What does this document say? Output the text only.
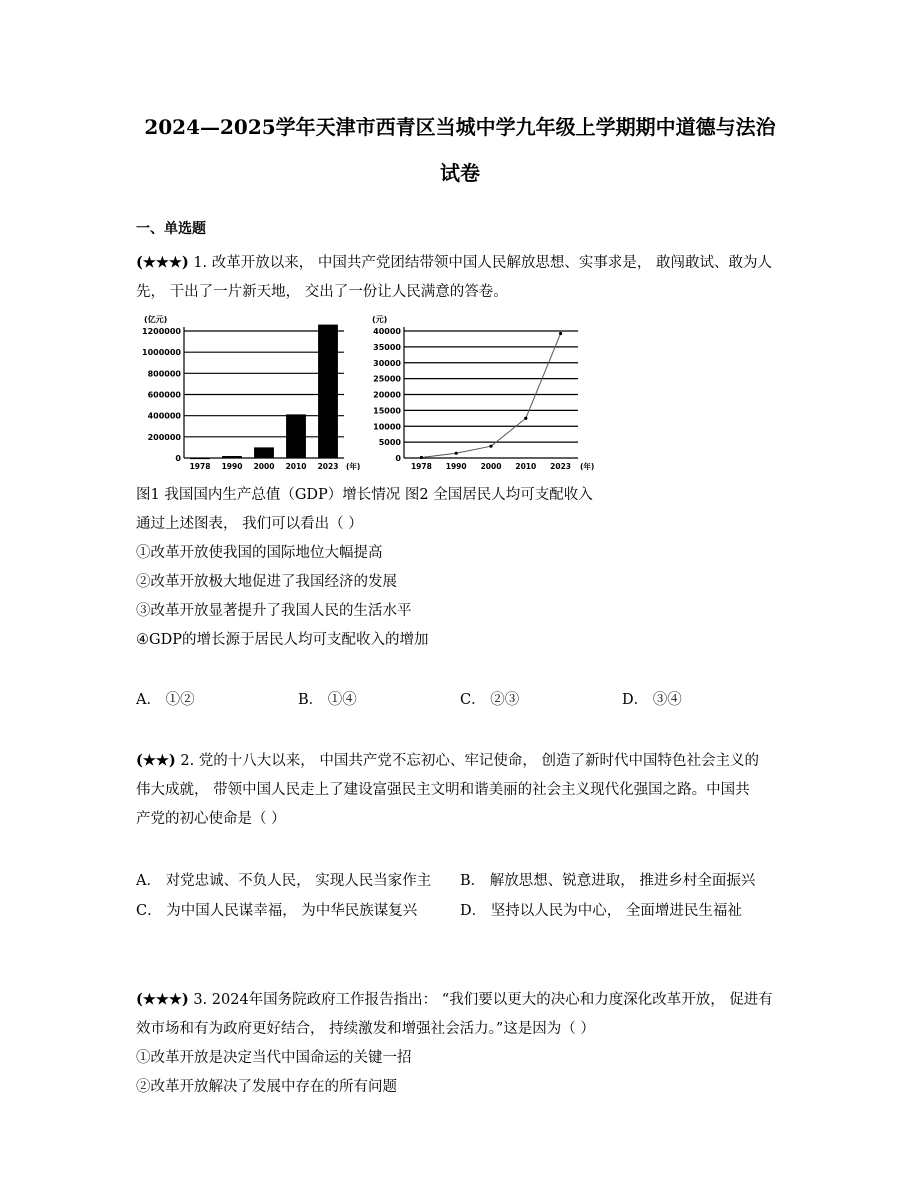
2024—2025学年天津市西青区当城中学九年级上学期期中道德与法治
试卷
一、单选题
(★★★) 1. 改革开放以来， 中国共产党团结带领中国人民解放思想、实事求是， 敢闯敢试、敢为人
先， 干出了一片新天地， 交出了一份让人民满意的答卷。
(亿元)
0
200000
400000
600000
800000
1000000
1200000
1978 1990 2000 2010 2023 (年)
(元)
0
5000
10000
15000
20000
25000
30000
35000
40000
1978 1990 2000 2010 2023 (年)
图1 我国国内生产总值（GDP）增长情况 图2 全国居民人均可支配收入
通过上述图表， 我们可以看出（ ）
①改革开放使我国的国际地位大幅提高
②改革开放极大地促进了我国经济的发展
③改革开放显著提升了我国人民的生活水平
④GDP的增长源于居民人均可支配收入的增加
A． ①②	B． ①④	C． ②③	D． ③④
(★★) 2. 党的十八大以来， 中国共产党不忘初心、牢记使命， 创造了新时代中国特色社会主义的
伟大成就， 带领中国人民走上了建设富强民主文明和谐美丽的社会主义现代化强国之路。中国共
产党的初心使命是（ ）
A． 对党忠诚、不负人民， 实现人民当家作主 B． 解放思想、锐意进取， 推进乡村全面振兴
C． 为中国人民谋幸福， 为中华民族谋复兴	D． 坚持以人民为中心， 全面增进民生福祉
(★★★) 3. 2024年国务院政府工作报告指出： “我们要以更大的决心和力度深化改革开放， 促进有
效市场和有为政府更好结合， 持续激发和增强社会活力。”这是因为（ ）
①改革开放是决定当代中国命运的关键一招
②改革开放解决了发展中存在的所有问题
